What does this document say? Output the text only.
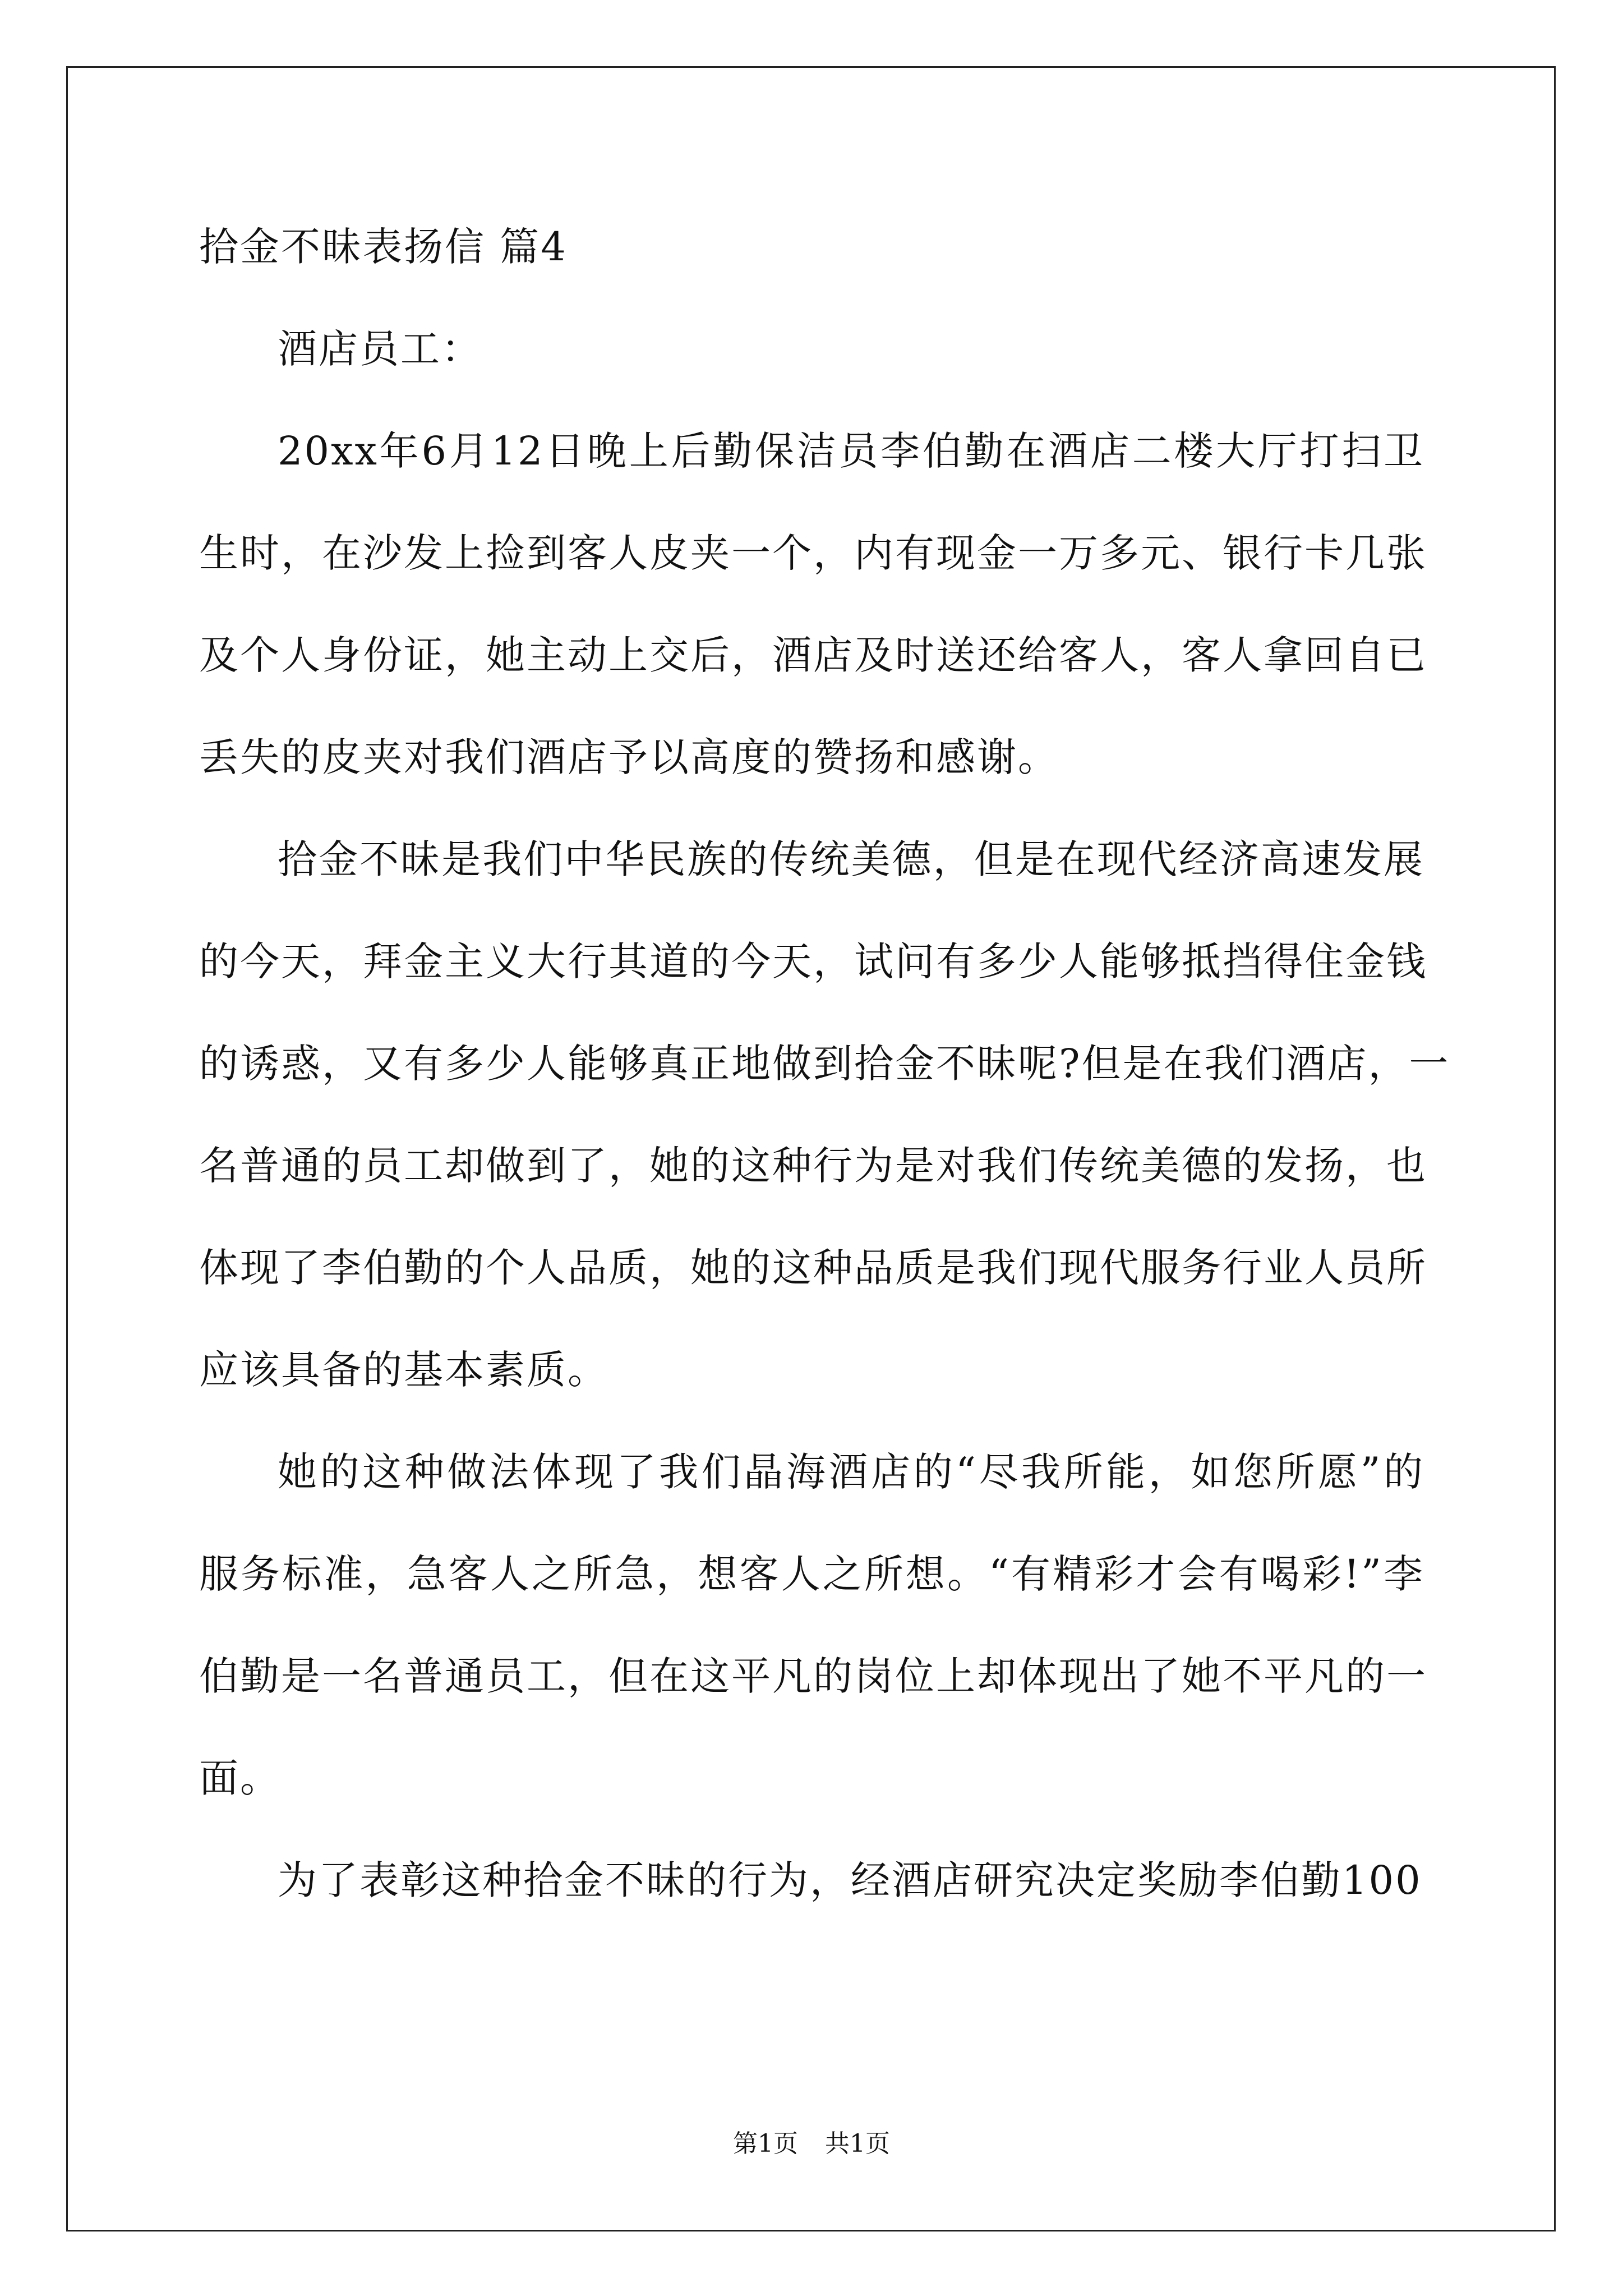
拾金不昧表扬信 篇4
酒店员工：
20xx年6月12日晚上后勤保洁员李伯勤在酒店二楼大厅打扫卫
生时，在沙发上捡到客人皮夹一个，内有现金一万多元、银行卡几张
及个人身份证，她主动上交后，酒店及时送还给客人，客人拿回自已
丢失的皮夹对我们酒店予以高度的赞扬和感谢。
拾金不昧是我们中华民族的传统美德，但是在现代经济高速发展
的今天，拜金主义大行其道的今天，试问有多少人能够抵挡得住金钱
的诱惑，又有多少人能够真正地做到拾金不昧呢?但是在我们酒店，一
名普通的员工却做到了，她的这种行为是对我们传统美德的发扬，也
体现了李伯勤的个人品质，她的这种品质是我们现代服务行业人员所
应该具备的基本素质。
她的这种做法体现了我们晶海酒店的“尽我所能，如您所愿”的
服务标准，急客人之所急，想客人之所想。“有精彩才会有喝彩!”李
伯勤是一名普通员工，但在这平凡的岗位上却体现出了她不平凡的一
面。
为了表彰这种拾金不昧的行为，经酒店研究决定奖励李伯勤100
第1页 共1页
